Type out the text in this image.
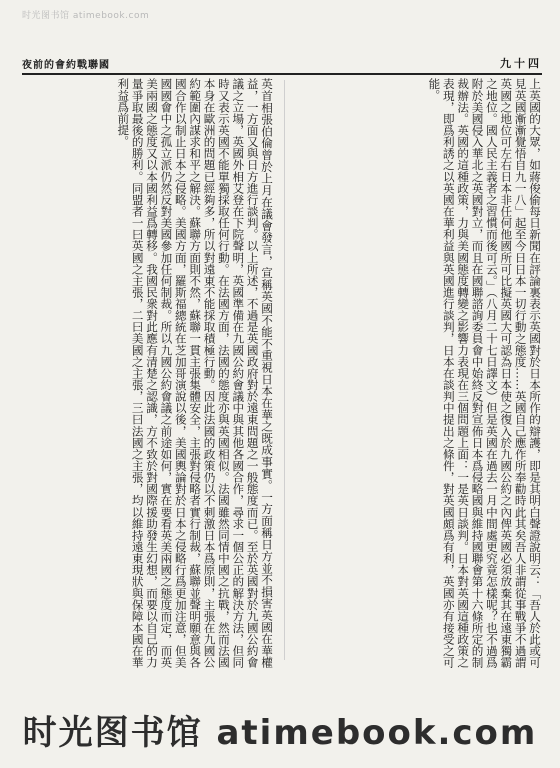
时光图书馆 atimebook.com
夜前的會約戰聯國	九十四

上英國的大眾，如蔣俊偷每日新聞在評論裏表示英國對於日本所作的辯護，即是其明白聲證說明云：「吾人於此或可見英國漸漸覺悟自九一八」起至今日日本一切行動之態度……英國自己應作所奉勸時此其矣吾人非謂從事戰爭不過謂英國之地位可左右日本非任何他國所可比擬英國大可認為日本使之復入於九國公約之內俾英國必須放棄其在遠東獨霸之地位。國人民主義者之習慣而後可云。」（八月二十七日譯文）但是英國在過去一月中間處更究竟怎樣呢？也不過爲附於美國侵入華北之英國對立，而且在國聯諮詢委員會中始終反對宣佈日本爲侵略國與維持國聯會第十六條所定的制裁辦法。英國的這種政策，力與美國態度轉變之影響力表現在三個問題上面：一是英日談判。日本對英國這種政策之表現，即爲利誘之以英國在華利益與英國進行談判，日本在談判中提出之條件，對英國頗爲有利，英國亦有接受之可能。

英首相張伯倫曾於上月在議會發言，宣稱英國不能不重視日本在華之既成事實。一方面稱日方並不損害英國在華權益，一方面又與日方進行談判。以上所述，不過是英國政府對於遠東問題之一般態度而已。至於英國對於九國公約會議之立場，英國外相艾登在下院聲明，英國準備在九國公約會議中與其他各國合作，尋求一個公正的解決方法，但同時又表示英國不能單獨採取任何行動。在法國方面，法國的態度亦與英國相似。法國雖然同情中國之抗戰，然而法國本身在歐洲的問題已經夠多，所以對遠東不能採取積極行動。因此法國的政策仍以不刺激日本爲原則，主張在九國公約範圍內謀求和平之解決。蘇聯方面則不然，蘇聯一貫主張集體安全，主張對侵略者實行制裁，蘇聯並聲明願意與各國合作以制止日本之侵略。美國方面，羅斯福總統在芝加哥演說以後，美國輿論對於日本之侵略行爲更加注意，但美國國會中之孤立派仍然反對美國參加任何制裁。所以九國公約會議之前途如何，實在要看英美兩國之態度而定，而英美兩國之態度又以本國利益爲轉移。我國民衆對此應有清楚之認識，方不致於對國際援助發生幻想，而要以自己的力量爭取最後的勝利。同盟者一曰英國之主張，二曰美國之主張，三曰法國之主張，均以維持遠東現狀與保障本國在華利益爲前提。

时光图书馆 atimebook.com
